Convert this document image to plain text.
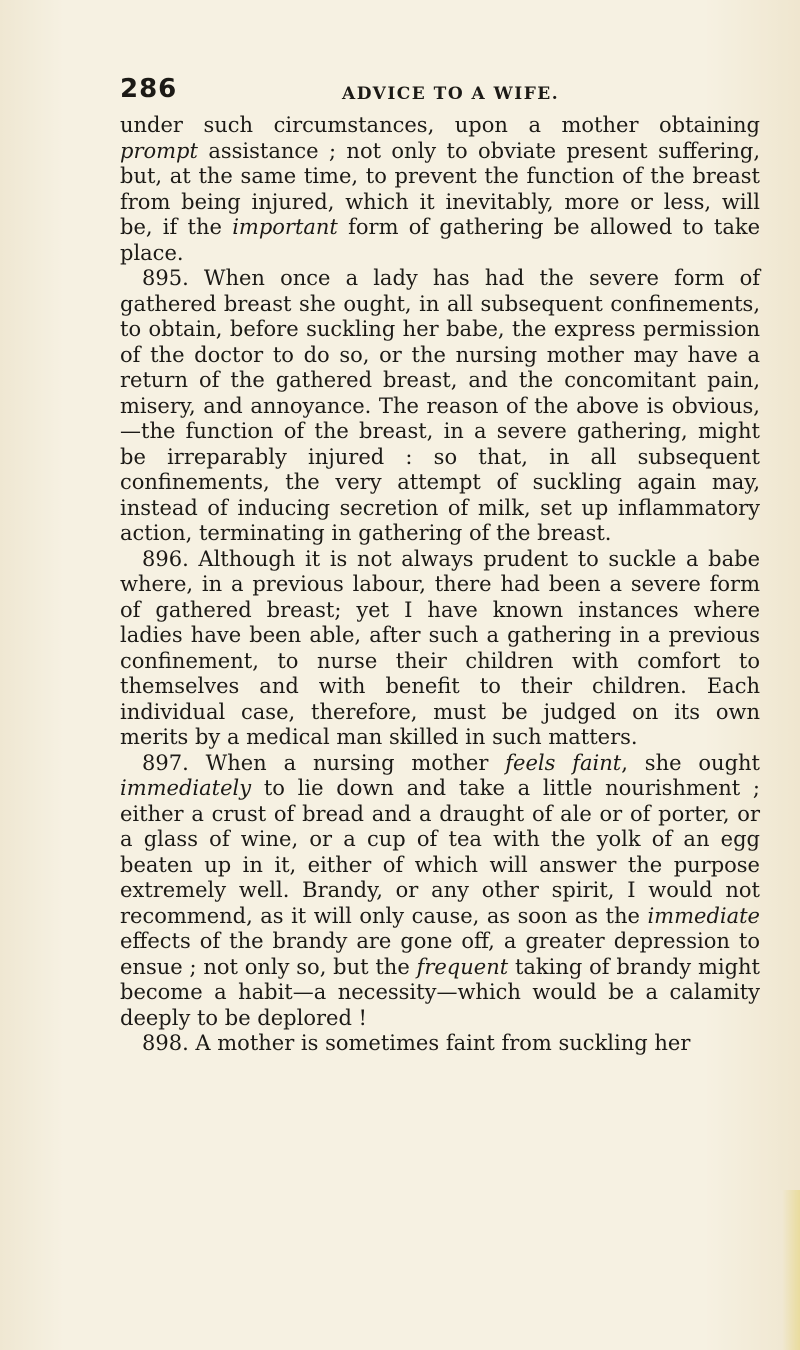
286	ADVICE TO A WIFE.

under such circumstances, upon a mother obtaining prompt assistance ; not only to obviate present suffering, but, at the same time, to prevent the function of the breast from being injured, which it inevitably, more or less, will be, if the important form of gathering be allowed to take place.

895. When once a lady has had the severe form of gathered breast she ought, in all subsequent confinements, to obtain, before suckling her babe, the express permission of the doctor to do so, or the nursing mother may have a return of the gathered breast, and the concomitant pain, misery, and annoyance. The reason of the above is obvious,—the function of the breast, in a severe gathering, might be irreparably injured : so that, in all subsequent confinements, the very attempt of suckling again may, instead of inducing secretion of milk, set up inflammatory action, terminating in gathering of the breast.

896. Although it is not always prudent to suckle a babe where, in a previous labour, there had been a severe form of gathered breast; yet I have known instances where ladies have been able, after such a gathering in a previous confinement, to nurse their children with comfort to themselves and with benefit to their children. Each individual case, therefore, must be judged on its own merits by a medical man skilled in such matters.

897. When a nursing mother feels faint, she ought immediately to lie down and take a little nourishment ; either a crust of bread and a draught of ale or of porter, or a glass of wine, or a cup of tea with the yolk of an egg beaten up in it, either of which will answer the purpose extremely well. Brandy, or any other spirit, I would not recommend, as it will only cause, as soon as the immediate effects of the brandy are gone off, a greater depression to ensue ; not only so, but the frequent taking of brandy might become a habit—a necessity—which would be a calamity deeply to be deplored !

898. A mother is sometimes faint from suckling her
